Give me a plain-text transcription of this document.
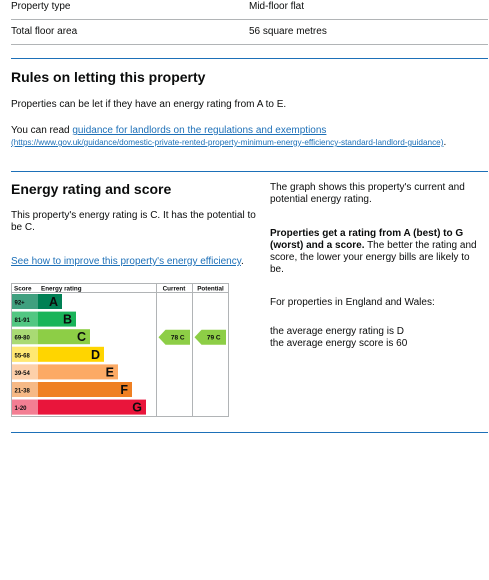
Property type	Mid-floor flat
Total floor area	56 square metres
Rules on letting this property

Properties can be let if they have an energy rating from A to E.

You can read guidance for landlords on the regulations and exemptions
(https://www.gov.uk/guidance/domestic-private-rented-property-minimum-energy-efficiency-standard-landlord-guidance).

Energy rating and score

This property's energy rating is C. It has the potential to be C.

See how to improve this property's energy efficiency.

Score Energy rating	Current Potential
92+ A
81-91	B
69-80	C
55-68	D
39-54	E
21-38	F
1-20	G
78 C	79 C

The graph shows this property's current and potential energy rating.

Properties get a rating from A (best) to G (worst) and a score. The better the rating and score, the lower your energy bills are likely to be.

For properties in England and Wales:

the average energy rating is D

the average energy score is 60
